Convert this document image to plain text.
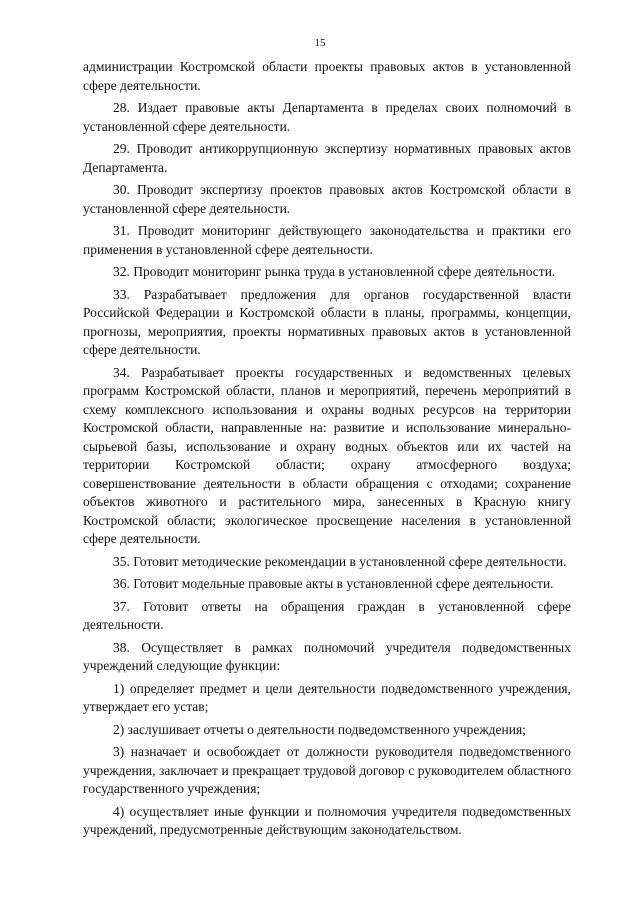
15

администрации Костромской области проекты правовых актов в установленной сфере деятельности.

28. Издает правовые акты Департамента в пределах своих полномочий в установленной сфере деятельности.

29. Проводит антикоррупционную экспертизу нормативных правовых актов Департамента.

30. Проводит экспертизу проектов правовых актов Костромской области в установленной сфере деятельности.

31. Проводит мониторинг действующего законодательства и практики его применения в установленной сфере деятельности.

32. Проводит мониторинг рынка труда в установленной сфере деятельности.

33. Разрабатывает предложения для органов государственной власти Российской Федерации и Костромской области в планы, программы, концепции, прогнозы, мероприятия, проекты нормативных правовых актов в установленной сфере деятельности.

34. Разрабатывает проекты государственных и ведомственных целевых программ Костромской области, планов и мероприятий, перечень мероприятий в схему комплексного использования и охраны водных ресурсов на территории Костромской области, направленные на: развитие и использование минерально-сырьевой базы, использование и охрану водных объектов или их частей на территории Костромской области; охрану атмосферного воздуха; совершенствование деятельности в области обращения с отходами; сохранение объектов животного и растительного мира, занесенных в Красную книгу Костромской области; экологическое просвещение населения в установленной сфере деятельности.

35. Готовит методические рекомендации в установленной сфере деятельности.

36. Готовит модельные правовые акты в установленной сфере деятельности.

37. Готовит ответы на обращения граждан в установленной сфере деятельности.

38. Осуществляет в рамках полномочий учредителя подведомственных учреждений следующие функции:

1) определяет предмет и цели деятельности подведомственного учреждения, утверждает его устав;

2) заслушивает отчеты о деятельности подведомственного учреждения;

3) назначает и освобождает от должности руководителя подведомственного учреждения, заключает и прекращает трудовой договор с руководителем областного государственного учреждения;

4) осуществляет иные функции и полномочия учредителя подведомственных учреждений, предусмотренные действующим законодательством.
